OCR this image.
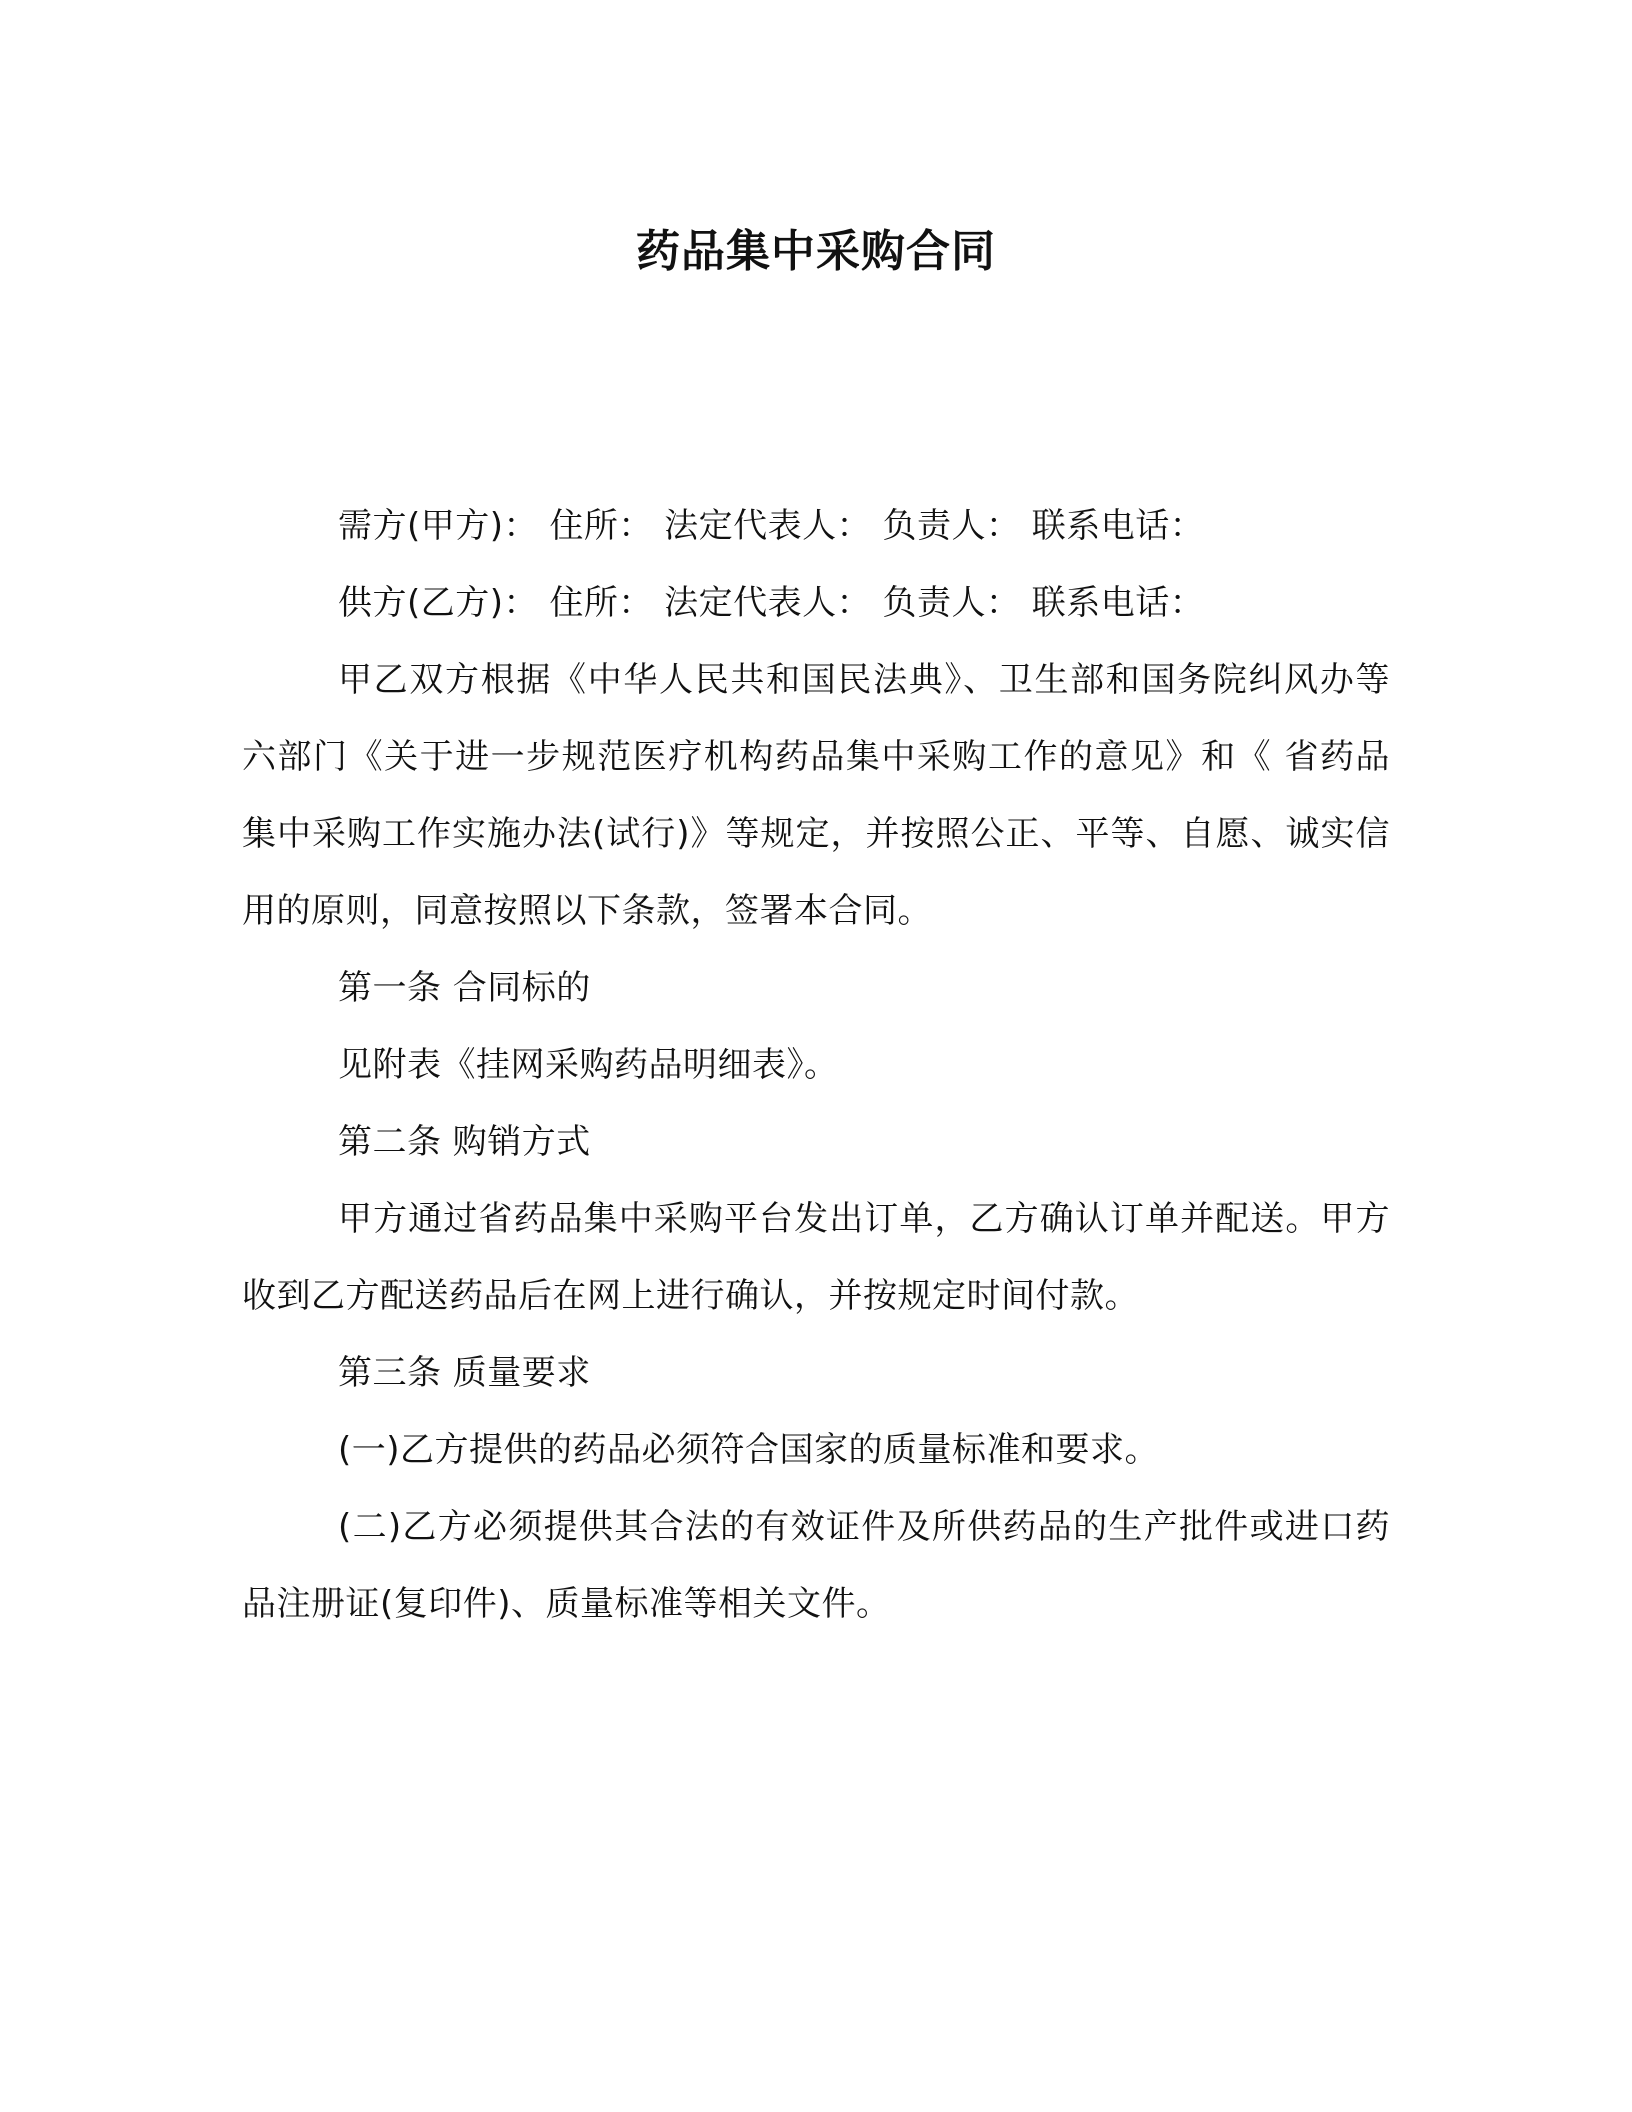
药品集中采购合同

需方(甲方)： 住所： 法定代表人： 负责人： 联系电话：

供方(乙方)： 住所： 法定代表人： 负责人： 联系电话：

甲乙双方根据《中华人民共和国民法典》、卫生部和国务院纠风办等六部门《关于进一步规范医疗机构药品集中采购工作的意见》和《 省药品集中采购工作实施办法(试行)》等规定，并按照公正、平等、自愿、诚实信用的原则，同意按照以下条款，签署本合同。

第一条 合同标的

见附表《挂网采购药品明细表》。

第二条 购销方式

甲方通过省药品集中采购平台发出订单，乙方确认订单并配送。甲方收到乙方配送药品后在网上进行确认，并按规定时间付款。

第三条 质量要求

(一)乙方提供的药品必须符合国家的质量标准和要求。

(二)乙方必须提供其合法的有效证件及所供药品的生产批件或进口药品注册证(复印件)、质量标准等相关文件。
